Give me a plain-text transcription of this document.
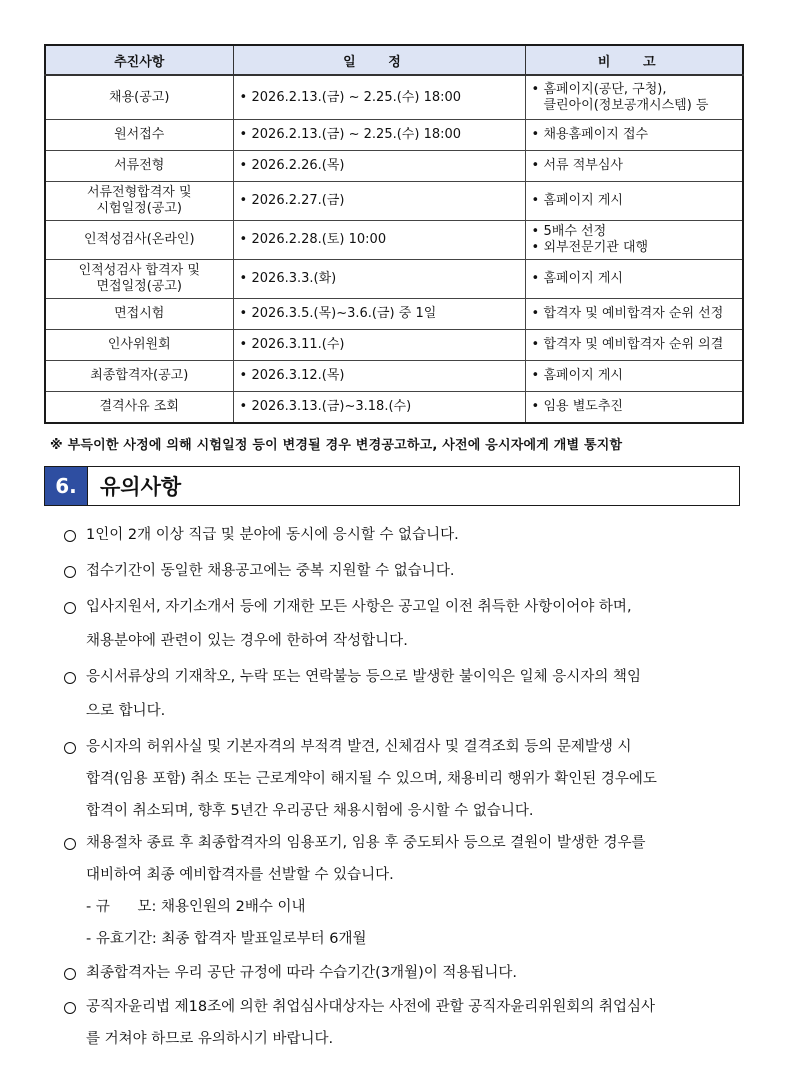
추진사항	일 정	비 고
채용(공고)	• 2026.2.13.(금) ~ 2.25.(수) 18:00	• 홈페이지(공단, 구청),
클린아이(정보공개시스템) 등

원서접수	• 2026.2.13.(금) ~ 2.25.(수) 18:00	• 채용홈페이지 접수

서류전형	• 2026.2.26.(목)	• 서류 적부심사

서류전형합격자 및
시험일정(공고)	• 2026.2.27.(금)	• 홈페이지 게시

인적성검사(온라인)	• 2026.2.28.(토) 10:00	• 5배수 선정
• 외부전문기관 대행

인적성검사 합격자 및
면접일정(공고)	• 2026.3.3.(화)	• 홈페이지 게시

면접시험	• 2026.3.5.(목)~3.6.(금) 중 1일	• 합격자 및 예비합격자 순위 선정

인사위원회	• 2026.3.11.(수)	• 합격자 및 예비합격자 순위 의결

최종합격자(공고)	• 2026.3.12.(목)	• 홈페이지 게시

결격사유 조회	• 2026.3.13.(금)~3.18.(수)	• 임용 별도추진
※ 부득이한 사정에 의해 시험일정 등이 변경될 경우 변경공고하고, 사전에 응시자에게 개별 통지함
6.	유의사항
1인이 2개 이상 직급 및 분야에 동시에 응시할 수 없습니다.
접수기간이 동일한 채용공고에는 중복 지원할 수 없습니다.
입사지원서, 자기소개서 등에 기재한 모든 사항은 공고일 이전 취득한 사항이어야 하며,
채용분야에 관련이 있는 경우에 한하여 작성합니다.
응시서류상의 기재착오, 누락 또는 연락불능 등으로 발생한 불이익은 일체 응시자의 책임
으로 합니다.
응시자의 허위사실 및 기본자격의 부적격 발견, 신체검사 및 결격조회 등의 문제발생 시
합격(임용 포함) 취소 또는 근로계약이 해지될 수 있으며, 채용비리 행위가 확인된 경우에도
합격이 취소되며, 향후 5년간 우리공단 채용시험에 응시할 수 없습니다.
채용절차 종료 후 최종합격자의 임용포기, 임용 후 중도퇴사 등으로 결원이 발생한 경우를
대비하여 최종 예비합격자를 선발할 수 있습니다.
- 규      모: 채용인원의 2배수 이내
- 유효기간: 최종 합격자 발표일로부터 6개월
최종합격자는 우리 공단 규정에 따라 수습기간(3개월)이 적용됩니다.
공직자윤리법 제18조에 의한 취업심사대상자는 사전에 관할 공직자윤리위원회의 취업심사
를 거쳐야 하므로 유의하시기 바랍니다.
